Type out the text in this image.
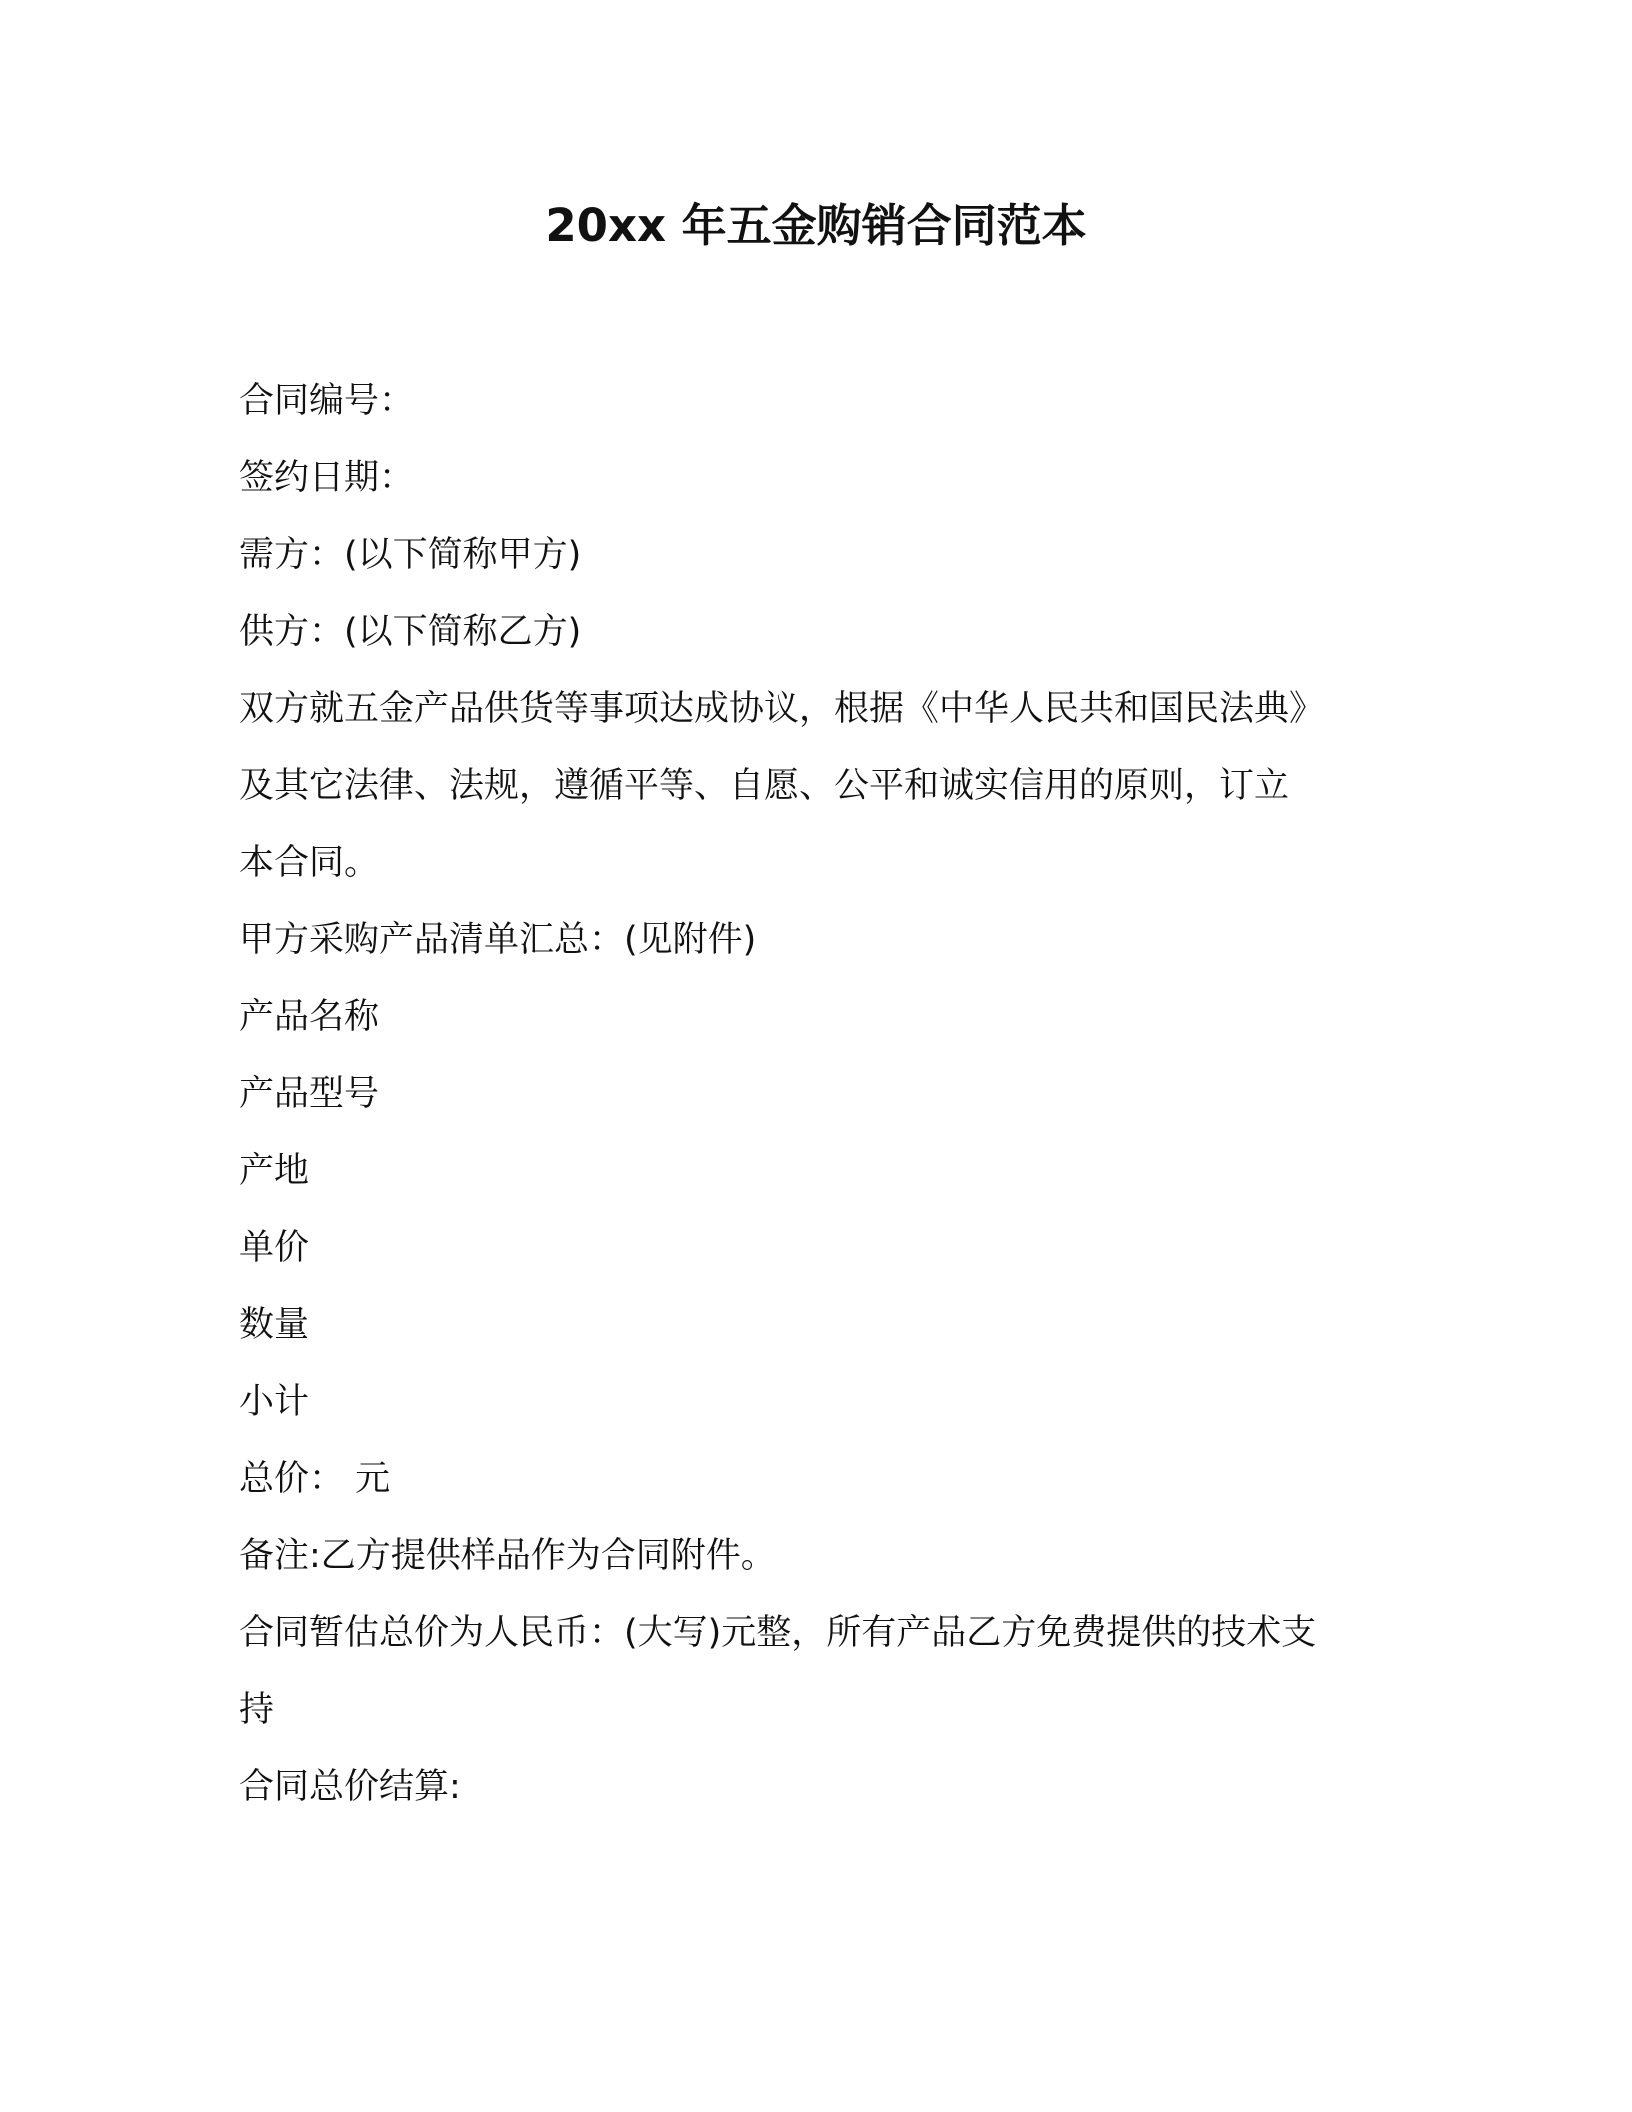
20xx 年五金购销合同范本
合同编号：
签约日期：
需方：(以下简称甲方)
供方：(以下简称乙方)
双方就五金产品供货等事项达成协议，根据《中华人民共和国民法典》
及其它法律、法规，遵循平等、自愿、公平和诚实信用的原则，订立
本合同。
甲方采购产品清单汇总：(见附件)
产品名称
产品型号
产地
单价
数量
小计
总价： 元
备注:乙方提供样品作为合同附件。
合同暂估总价为人民币：(大写)元整，所有产品乙方免费提供的技术支
持
合同总价结算:
